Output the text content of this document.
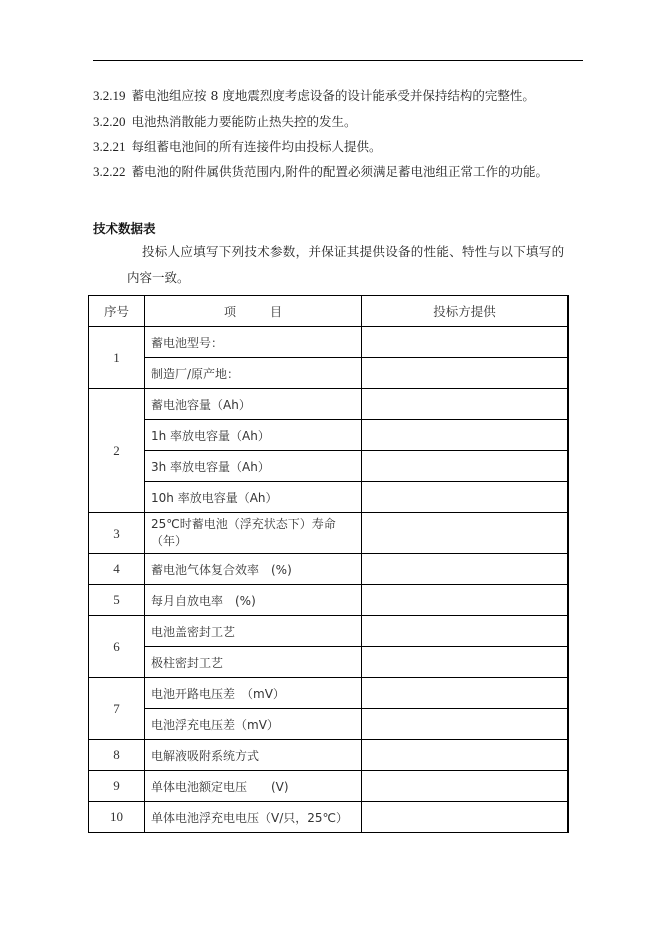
3.2.19 蓄电池组应按 8 度地震烈度考虑设备的设计能承受并保持结构的完整性。
3.2.20 电池热消散能力要能防止热失控的发生。
3.2.21 每组蓄电池间的所有连接件均由投标人提供。
3.2.22 蓄电池的附件属供货范围内,附件的配置必须满足蓄电池组正常工作的功能。
技术数据表
投标人应填写下列技术参数，并保证其提供设备的性能、特性与以下填写的
内容一致。
序号	项 目	投标方提供
1	蓄电池型号：	
	制造厂/原产地：	
2	蓄电池容量（Ah）	
	1h 率放电容量（Ah）	
	3h 率放电容量（Ah）	
	10h 率放电容量（Ah）	
3	25℃时蓄电池（浮充状态下）寿命（年）	
4	蓄电池气体复合效率　(%)	
5	每月自放电率　(%)	
6	电池盖密封工艺	
	极柱密封工艺	
7	电池开路电压差　（mV）	
	电池浮充电压差（mV）	
8	电解液吸附系统方式	
9	单体电池额定电压　　(V)	
10	单体电池浮充电电压（V/只，25℃）	
